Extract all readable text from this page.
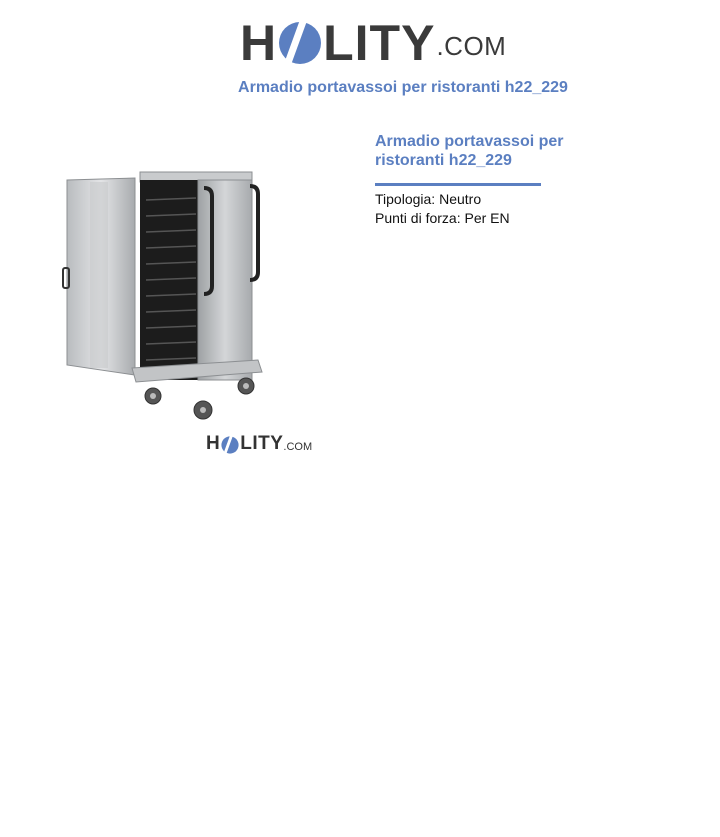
H LITY .COM
Armadio portavassoi per ristoranti h22_229
H LITY .COM
Armadio portavassoi per ristoranti h22_229
Tipologia: Neutro
Punti di forza: Per EN
